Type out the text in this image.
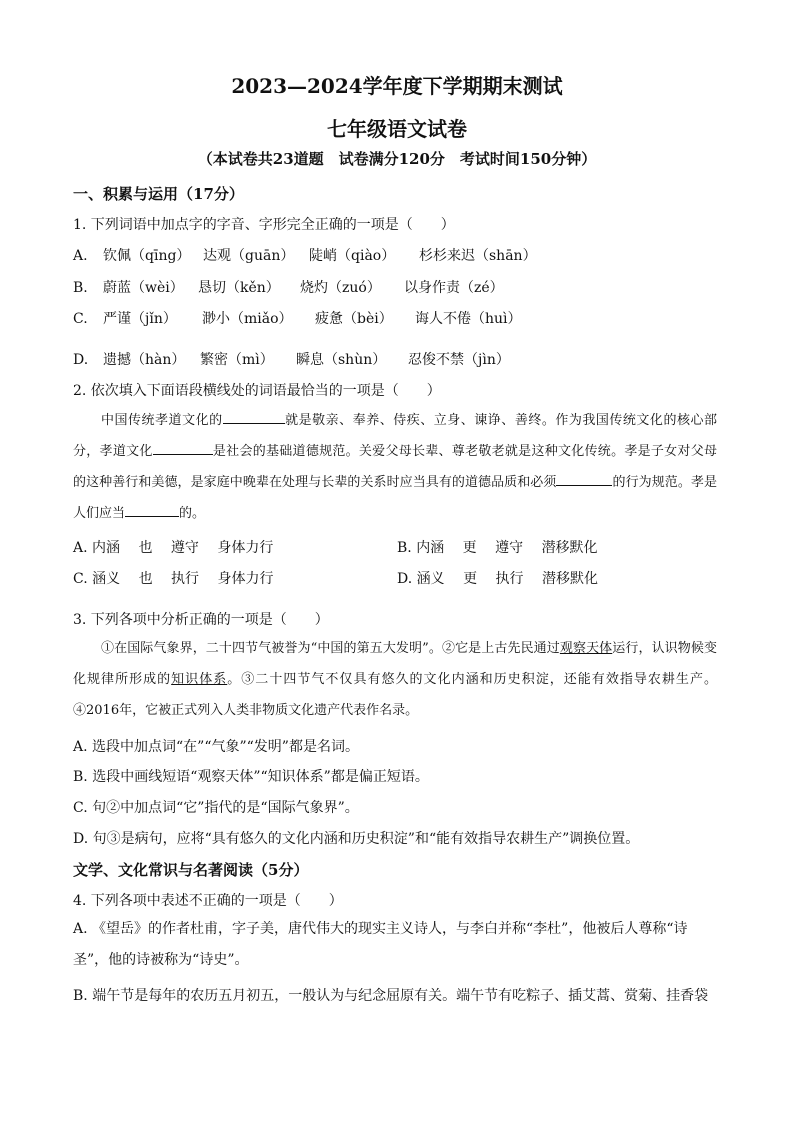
2023—2024学年度下学期期末测试
七年级语文试卷
（本试卷共23道题　试卷满分120分　考试时间150分钟）
一、积累与运用（17分）
1. 下列词语中加点字的字音、字形完全正确的一项是（　　）
A. 钦佩（qīng） 达观（guān） 陡峭（qiào） 杉杉来迟（shān）
B. 蔚蓝（wèi） 恳切（kěn） 烧灼（zuó） 以身作责（zé）
C. 严谨（jǐn） 渺小（miǎo） 疲惫（bèi） 诲人不倦（huì）
D. 遗撼（hàn） 繁密（mì） 瞬息（shùn） 忍俊不禁（jìn）
2. 依次填入下面语段横线处的词语最恰当的一项是（　　）

中国传统孝道文化的	就是敬亲、奉养、侍疾、立身、谏诤、善终。作为我国传统文化的核心部分，孝道文化	是社会的基础道德规范。关爱父母长辈、尊老敬老就是这种文化传统。孝是子女对父母的这种善行和美德，是家庭中晚辈在处理与长辈的关系时应当具有的道德品质和必须	的行为规范。孝是人们应当	的。

A. 内涵　 也　 遵守　 身体力行	B. 内涵　 更　 遵守　 潜移默化
C. 涵义　 也　 执行　 身体力行	D. 涵义　 更　 执行　 潜移默化
3. 下列各项中分析正确的一项是（　　）

①在国际气象界，二十四节气被誉为“中国的第五大发明”。②它是上古先民通过观察天体运行，认识物候变化规律所形成的知识体系。③二十四节气不仅具有悠久的文化内涵和历史积淀，还能有效指导农耕生产。④2016年，它被正式列入人类非物质文化遗产代表作名录。

A. 选段中加点词“在”“气象”“发明”都是名词。
B. 选段中画线短语“观察天体”“知识体系”都是偏正短语。
C. 句②中加点词“它”指代的是“国际气象界”。
D. 句③是病句，应将“具有悠久的文化内涵和历史积淀”和“能有效指导农耕生产”调换位置。
文学、文化常识与名著阅读（5分）
4. 下列各项中表述不正确的一项是（　　）
A. 《望岳》的作者杜甫，字子美，唐代伟大的现实主义诗人，与李白并称“李杜”，他被后人尊称“诗圣”，他的诗被称为“诗史”。
B. 端午节是每年的农历五月初五，一般认为与纪念屈原有关。端午节有吃粽子、插艾蒿、赏菊、挂香袋
